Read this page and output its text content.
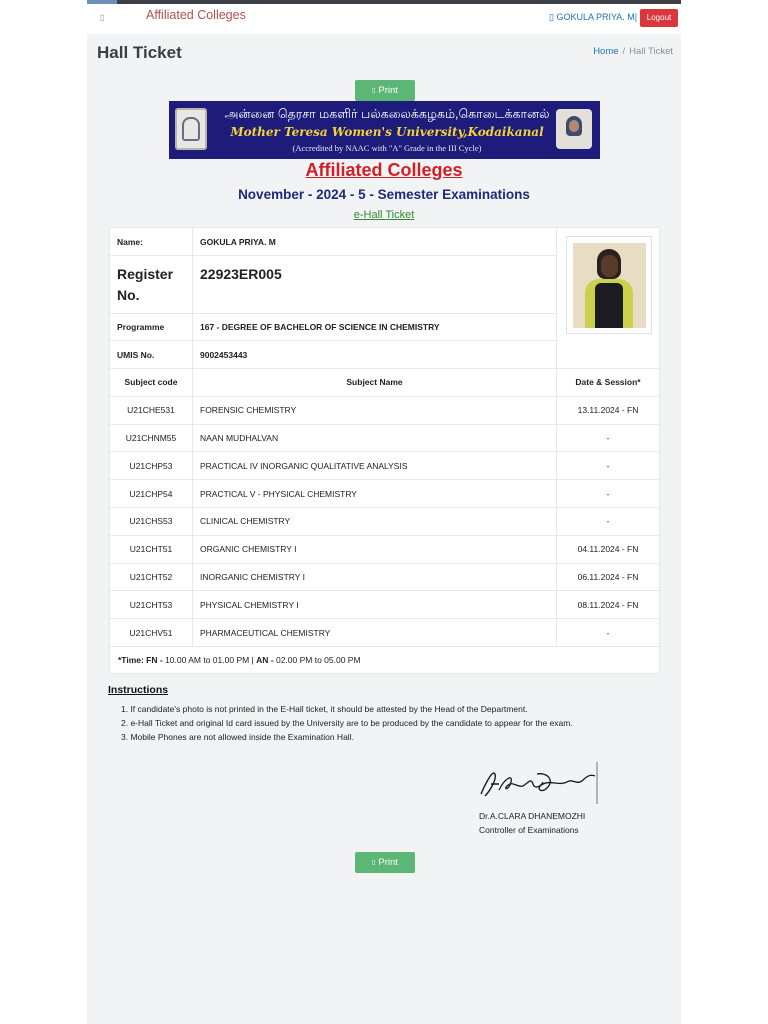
▯	Affiliated Colleges	▯ GOKULA PRIYA. M|	Logout
Hall Ticket	Home / Hall Ticket
▯ Print
அன்னை தெரசா மகளிர் பல்கலைக்கழகம்,கொடைக்கானல்
Mother Teresa Women's University,Kodaikanal
(Accredited by NAAC with "A" Grade in the III Cycle)
Affiliated Colleges
November - 2024 - 5 - Semester Examinations
e-Hall Ticket
Name:	GOKULA PRIYA. M	

Register No.	22923ER005	
Programme	167 - DEGREE OF BACHELOR OF SCIENCE IN CHEMISTRY	
UMIS No.	9002453443	
Subject code	Subject Name	Date & Session*
U21CHE531	FORENSIC CHEMISTRY	13.11.2024 - FN
U21CHNM55	NAAN MUDHALVAN	-
U21CHP53	PRACTICAL IV INORGANIC QUALITATIVE ANALYSIS	-
U21CHP54	PRACTICAL V - PHYSICAL CHEMISTRY	-
U21CHS53	CLINICAL CHEMISTRY	-
U21CHT51	ORGANIC CHEMISTRY I	04.11.2024 - FN
U21CHT52	INORGANIC CHEMISTRY I	06.11.2024 - FN
U21CHT53	PHYSICAL CHEMISTRY I	08.11.2024 - FN
U21CHV51	PHARMACEUTICAL CHEMISTRY	-
*Time: FN - 10.00 AM to 01.00 PM | AN - 02.00 PM to 05.00 PM
Instructions
1. If candidate's photo is not printed in the E-Hall ticket, it should be attested by the Head of the Department.
2. e-Hall Ticket and original Id card issued by the University are to be produced by the candidate to appear for the exam.
3. Mobile Phones are not allowed inside the Examination Hall.
Dr.A.CLARA DHANEMOZHI
Controller of Examinations
▯ Print
